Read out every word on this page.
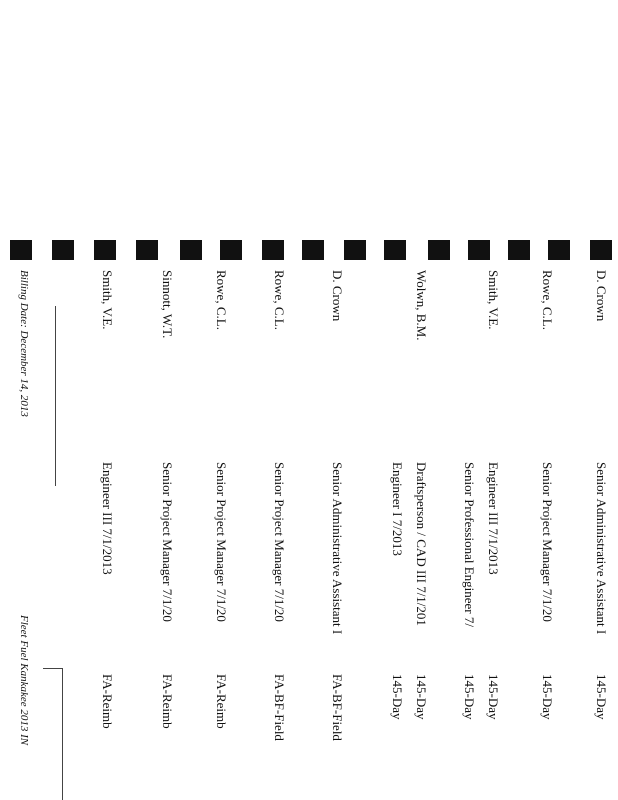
D. Crown
Senior Administrative Assistant I
145-Day
Rowe, C.L.
Senior Project Manager 7/1/20
145-Day
Senior Professional Engineer 7/
145-Day
Smith, V.E.
Engineer III 7/1/2013
145-Day
Engineer I 7/2013
145-Day
Wolwn, B.M.
Draftsperson / CAD III 7/1/201
145-Day
D. Crown
Senior Administrative Assistant I
FA-BF-Field
Rowe, C.L.
Senior Project Manager 7/1/20
FA-BF-Field
Rowe, C.L.
Senior Project Manager 7/1/20
FA-Reimb
Sinnott, W.T.
Senior Project Manager 7/1/20
FA-Reimb
Smith, V.E.
Engineer III 7/1/2013
FA-Reimb
Billing Date: December 14, 2013
Fleet Fuel Kankakee 2013 IN
